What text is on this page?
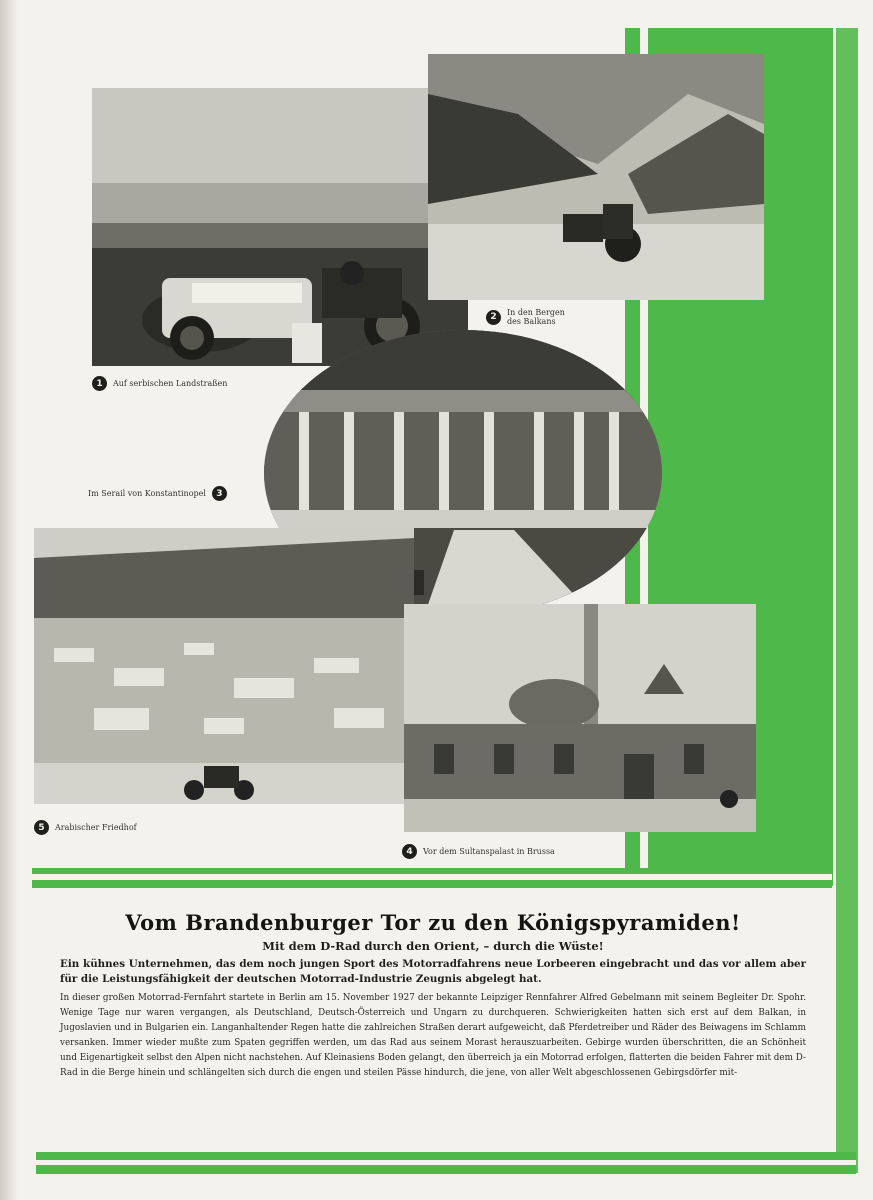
1	Auf serbischen Landstraßen
2	In den Bergen des Balkans
Im Serail von Konstantinopel	3
5	Arabischer Friedhof
4	Vor dem Sultanspalast in Brussa
Vom Brandenburger Tor zu den Königspyramiden!
Mit dem D-Rad durch den Orient, – durch die Wüste!

Ein kühnes Unternehmen, das dem noch jungen Sport des Motorradfahrens neue Lorbeeren eingebracht und das vor allem aber für die Leistungsfähigkeit der deutschen Motorrad-Industrie Zeugnis abgelegt hat.

In dieser großen Motorrad-Fernfahrt startete in Berlin am 15. November 1927 der bekannte Leipziger Rennfahrer Alfred Gebelmann mit seinem Begleiter Dr. Spohr. Wenige Tage nur waren vergangen, als Deutschland, Deutsch-Österreich und Ungarn zu durchqueren. Schwierigkeiten hatten sich erst auf dem Balkan, in Jugoslavien und in Bulgarien ein. Langanhaltender Regen hatte die zahlreichen Straßen derart aufgeweicht, daß Pferdetreiber und Räder des Beiwagens im Schlamm versanken. Immer wieder mußte zum Spaten gegriffen werden, um das Rad aus seinem Morast herauszuarbeiten. Gebirge wurden überschritten, die an Schönheit und Eigenartigkeit selbst den Alpen nicht nachstehen. Auf Kleinasiens Boden gelangt, den überreich ja ein Motorrad erfolgen, flatterten die beiden Fahrer mit dem D-Rad in die Berge hinein und schlängelten sich durch die engen und steilen Pässe hindurch, die jene, von aller Welt abgeschlossenen Gebirgsdörfer mit-
